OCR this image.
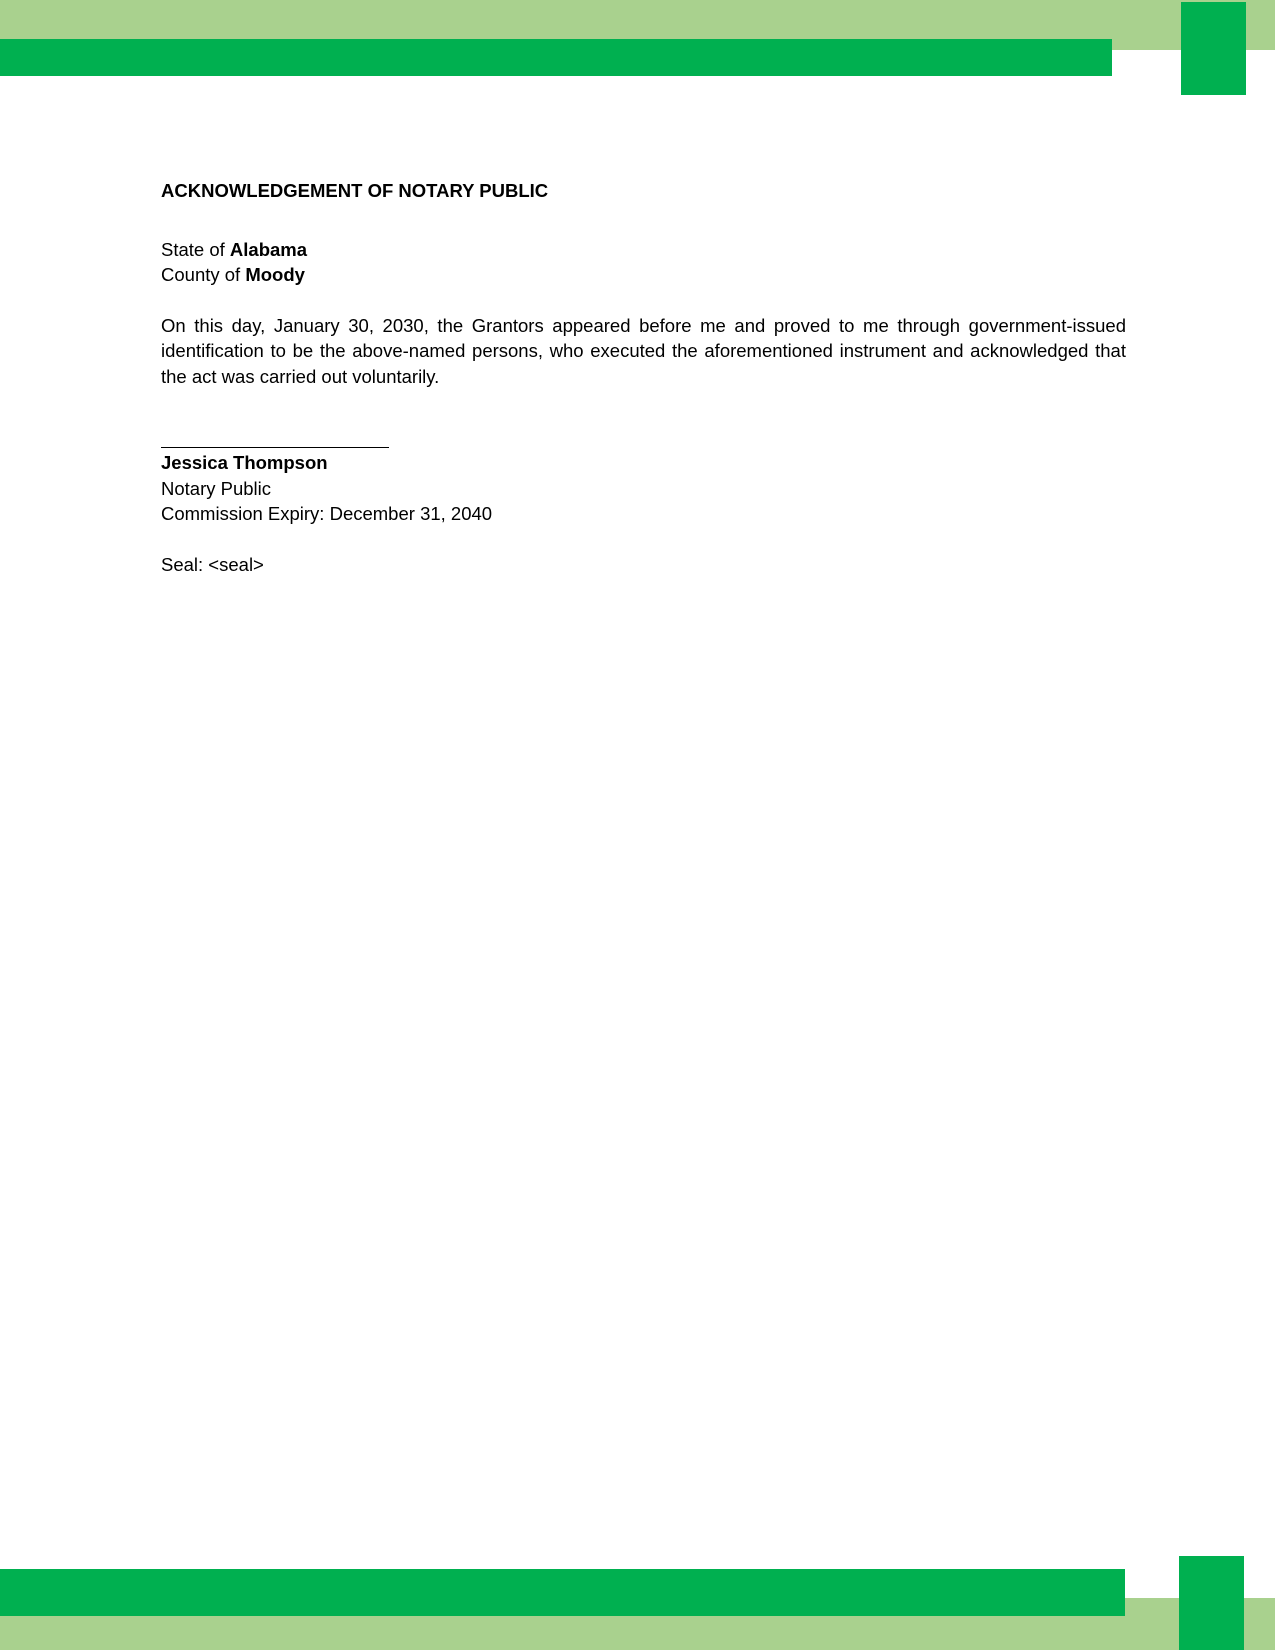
ACKNOWLEDGEMENT OF NOTARY PUBLIC

State of Alabama

County of Moody

On this day, January 30, 2030, the Grantors appeared before me and proved to me through government-issued identification to be the above-named persons, who executed the aforementioned instrument and acknowledged that the act was carried out voluntarily.

Jessica Thompson

Notary Public

Commission Expiry: December 31, 2040

Seal: <seal>
